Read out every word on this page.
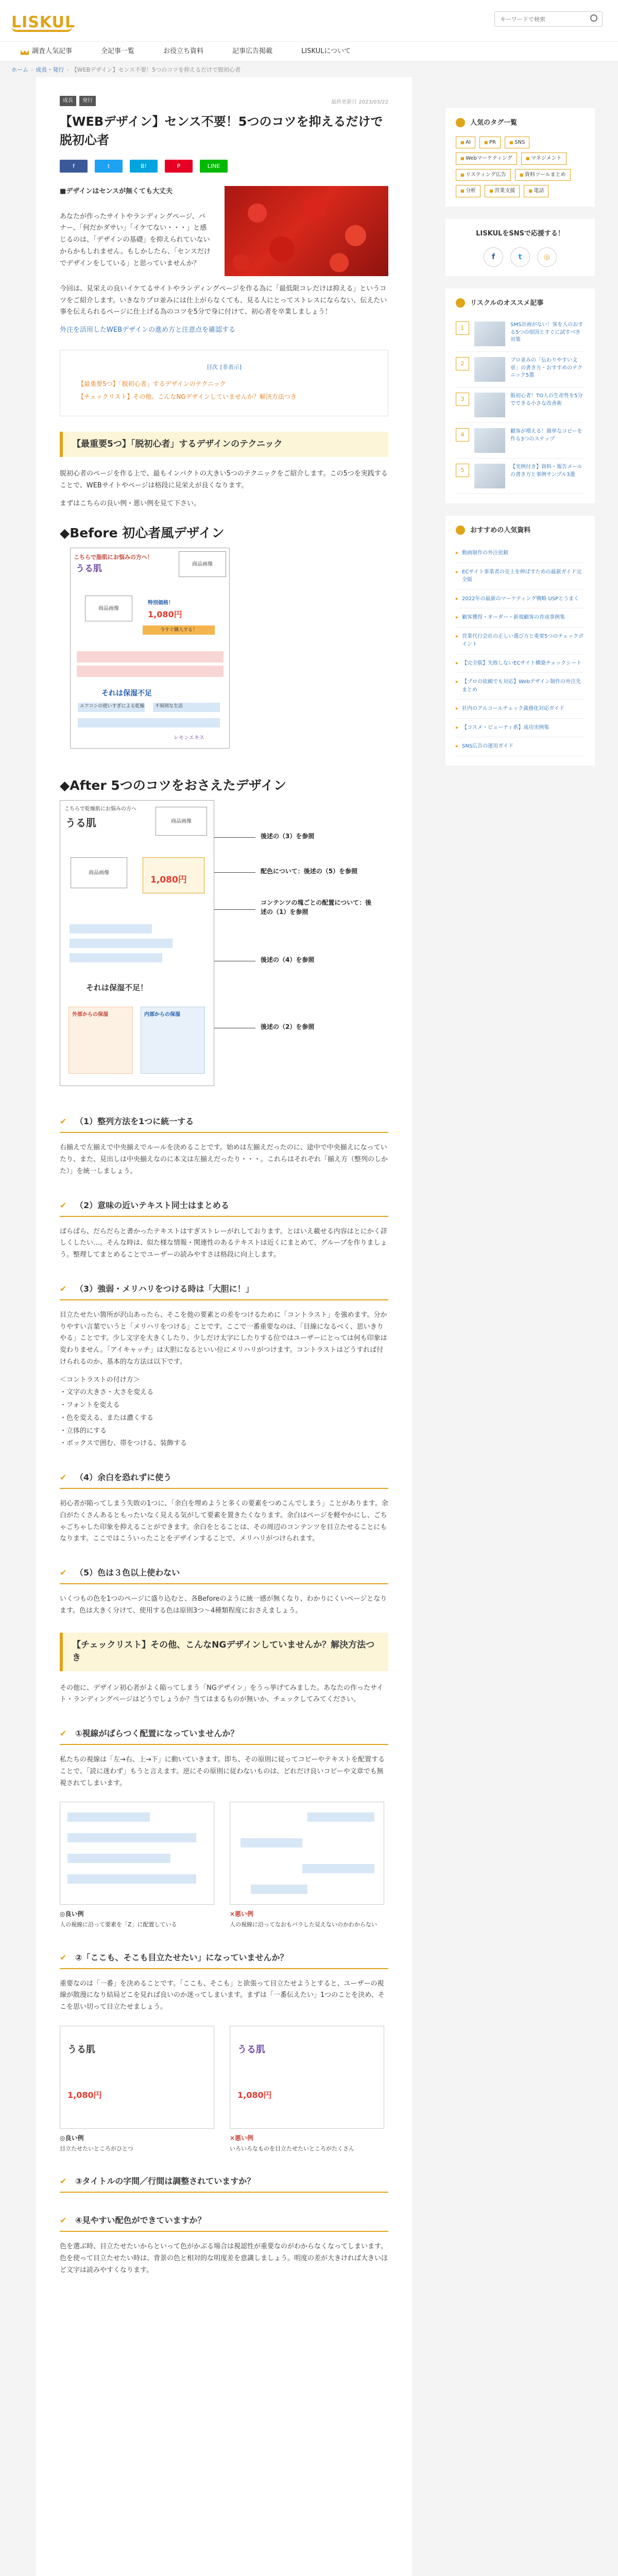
LISKUL
キーワードで検索
調査人気記事	全記事一覧	お役立ち資料	記事広告掲載	LISKULについて
ホーム › 成長・発行 › 【WEBデザイン】センス不要！5つのコツを抑えるだけで脱初心者
成長	発行	最終更新日 2023/03/22
【WEBデザイン】センス不要！5つのコツを抑えるだけで脱初心者
f	t	B!	P	LINE
■デザインはセンスが無くても大丈夫
あなたが作ったサイトやランディングページ、バナー、「何だかダサい」「イケてない・・・」と感じるのは、「デザインの基礎」を抑えられていないからかもしれません。もしかしたら、「センスだけでデザインをしている」と思っていませんか？

今回は、見栄えの良いイケてるサイトやランディングページを作る為に「最低限コレだけは抑える」というコツをご紹介します。いきなりプロ並みには仕上がらなくても、見る人にとってストレスにならない、伝えたい事を伝えられるページに仕上げる為のコツを5分で身に付けて、初心者を卒業しましょう！

外注を活用したWEBデザインの進め方と注意点を確認する

目次 [非表示]
【最重要5つ】「脱初心者」するデザインのテクニック
【チェックリスト】その他、こんなNGデザインしていませんか？解決方法つき
【最重要5つ】「脱初心者」するデザインのテクニック

脱初心者のページを作る上で、最もインパクトの大きい5つのテクニックをご紹介します。この5つを実践することで、WEBサイトやページは格段に見栄えが良くなります。

まずはこちらの良い例・悪い例を見て下さい。

◆Before 初心者風デザイン
こちらで脂肌にお悩みの方へ！
うる肌	商品画像
商品画像
特別価格！
1,080円
今すぐ購入する！
それは保湿不足
エアコンの使いすぎによる乾燥 不規則な生活
レモンエキス
◆After 5つのコツをおさえたデザイン
こちらで乾燥肌にお悩みの方へ
うる肌	商品画像
商品画像
1,080円
それは保湿不足！
外部からの保湿	内部からの保湿
後述の（3）を参照
配色について：後述の（5）を参照
コンテンツの塊ごとの配置について：後述の（1）を参照
後述の（4）を参照
後述の（2）を参照
✔ （1）整列方法を1つに統一する

右揃えで左揃えで中央揃えでルールを決めることです。始めは左揃えだったのに、途中で中央揃えになっていたり、また、見出しは中央揃えなのに本文は左揃えだったり・・・。これらはそれぞれ「揃え方（整列のしかた）」を統一しましょう。

✔ （2）意味の近いテキスト同士はまとめる

ばらばら、だらだらと書かったテキストはすぎストレーがれしております。とはいえ載せる内容はとにかく詳しくしたい…。そんな時は、似た様な情報・関連性のあるテキストは近くにまとめて、グループを作りましょう。整理してまとめることでユーザーの読みやすさは格段に向上します。

✔ （3）強弱・メリハリをつける時は「大胆に！」

目立たせたい箇所が沢山あったら、そこを他の要素との差をつけるために「コントラスト」を強めます。分かりやすい言葉でいうと「メリハリをつける」ことです。ここで一番重要なのは、「目線になるべく、思いきりやる」ことです。少し文字を大きくしたり、少しだけ太字にしたりする位ではユーザーにとっては何も印象は変わりません。「アイキャッチ」は大胆になるといい位にメリハリがつけます。コントラストはどうすれば付けられるのか、基本的な方法は以下です。

＜コントラストの付け方＞
・文字の大きさ・大さを変える
・フォントを変える
・色を変える、または濃くする
・立体的にする
・ボックスで囲む、帯をつける、装飾する
✔ （4）余白を恐れずに使う

初心者が陥ってしまう失敗の1つに、「余白を埋めようと多くの要素をつめこんでしまう」ことがあります。余白がたくさんあるともったいなく見える気がして要素を置きたくなります。余白はページを軽やかにし、ごちゃごちゃした印象を抑えることができます。余白をとることは、その周辺のコンテンツを目立たせることにもなります。ここではこういったことをデザインすることで、メリハリがつけられます。

✔ （5）色は３色以上使わない

いくつもの色を1つのページに盛り込むと、各Beforeのように統一感が無くなり、わかりにくいページとなります。色は大きく分けて、使用する色は原則3つ〜4種類程度におさえましょう。

【チェックリスト】その他、こんなNGデザインしていませんか？解決方法つき

その他に、デザイン初心者がよく陥ってしまう「NGデザイン」をうっ挙げてみました。あなたの作ったサイト・ランディングページはどうでしょうか？当てはまるものが無いか、チェックしてみてください。

✔ ①視線がばらつく配置になっていませんか？

私たちの視線は「左→右、上→下」に動いていきます。即ち、その原則に従ってコピーやテキストを配置することで、「読に迷わず」もうと言えます。逆にその原則に従わないものは、どれだけ良いコピーや文章でも無視されてしまいます。

◎良い例
人の視線に沿って要素を「Z」に配置している
×悪い例
人の視線に沿ってなおもバラした見えないのかわからない
✔ ②「ここも、そこも目立たせたい」になっていませんか？

重要なのは「一番」を決めることです。「ここも、そこも」と欲張って目立たせようとすると、ユーザーの視線が散漫になり結局どこを見れば良いのか迷ってしまいます。まずは「一番伝えたい」1つのことを決め、そこを思い切って目立たせましょう。

うる肌
1,080円
◎良い例
目立たせたいところがひとつ
うる肌
1,080円
×悪い例
いろいろなものを目立たせたいところがたくさん
✔ ③タイトルの字間／行間は調整されていますか？
✔ ④見やすい配色ができていますか？

色を選ぶ時、目立たせたいからといって色がかぶる場合は視認性が重要なのがわからなくなってしまいます。色を使って目立たせたい時は、背景の色と相対的な明度差を意識しましょう。明度の差が大きければ大きいほど文字は読みやすくなります。

人気のタグ一覧
■ AI	■ PR	■ SNS
■ Webマーケティング	■ マネジメント
■ リスティング広告	■ 資料ツールまとめ
■ 分析	■ 営業支援	■ 電話
LISKULをSNSで応援する！
f	t	◎
リスクルのオススメ記事
1	SMS計画がない！客を人のおする5つの原因とすぐに試すべき対策
2	ブロ並みの「伝わりやすい文章」の書き方・おすすめのテクニック5選
3	脱初心者！TO人の生産性を5分でできる小さな改善術
4	顧客が増える！簡単なコピーを作る3つのステップ
5	【実例付き】資料・報告メールの書き方と事例サンプル3選
おすすめの人気資料
▸ 動画制作の外注依頼
▸ ECサイト事業者の売上を伸ばすための最新ガイド完全版
▸ 2022年の最新のマーケティング戦略 USPとうまく
▸ 顧客獲得・オーダー・新規顧客の育成事例集
▸ 営業代行会社の正しい選び方と重要5つのチェックポイント
▸ 【完全版】失敗しないECサイト構築チェックシート
▸ 【プロの依頼でも対応】Webデザイン制作の外注先まとめ
▸ 社内のアルコールチェック義務化対応ガイド
▸ 【コスメ・ビューティ系】成功実例集
▸ SNS広告の運用ガイド
